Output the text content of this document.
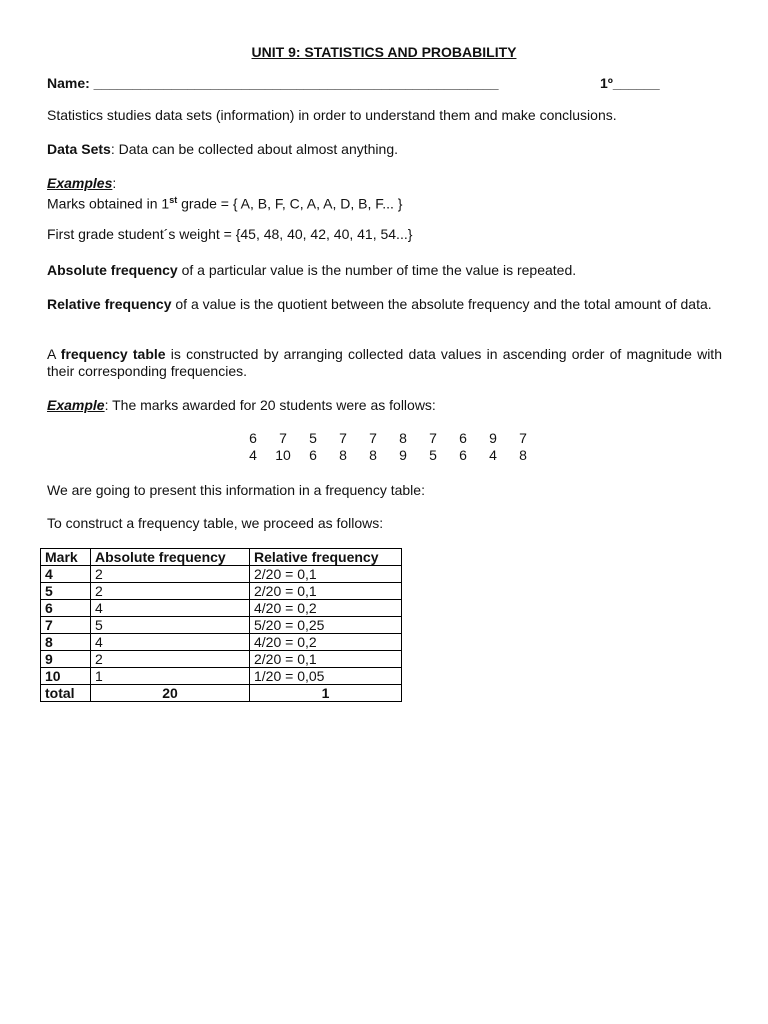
UNIT 9: STATISTICS AND PROBABILITY
Name: ____________________________________________________	1º______
Statistics studies data sets (information) in order to understand them and make conclusions.
Data Sets: Data can be collected about almost anything.
Examples:
Marks obtained in 1st grade = { A, B, F, C, A, A, D, B, F... }
First grade student´s weight = {45, 48, 40, 42, 40, 41, 54...}
Absolute frequency of a particular value is the number of time the value is repeated.
Relative frequency of a value is the quotient between the absolute frequency and the total amount of data.
A frequency table is constructed by arranging collected data values in ascending order of magnitude with their corresponding frequencies.
Example: The marks awarded for 20 students were as follows:
6 7 5 7 7 8 7 6 9 7
4 10 6 8 8 9 5 6 4 8
We are going to present this information in a frequency table:
To construct a frequency table, we proceed as follows:
Mark	Absolute frequency	Relative frequency
4	2	2/20 = 0,1
5	2	2/20 = 0,1
6	4	4/20 = 0,2
7	5	5/20 = 0,25
8	4	4/20 = 0,2
9	2	2/20 = 0,1
10	1	1/20 = 0,05
total	20	1
